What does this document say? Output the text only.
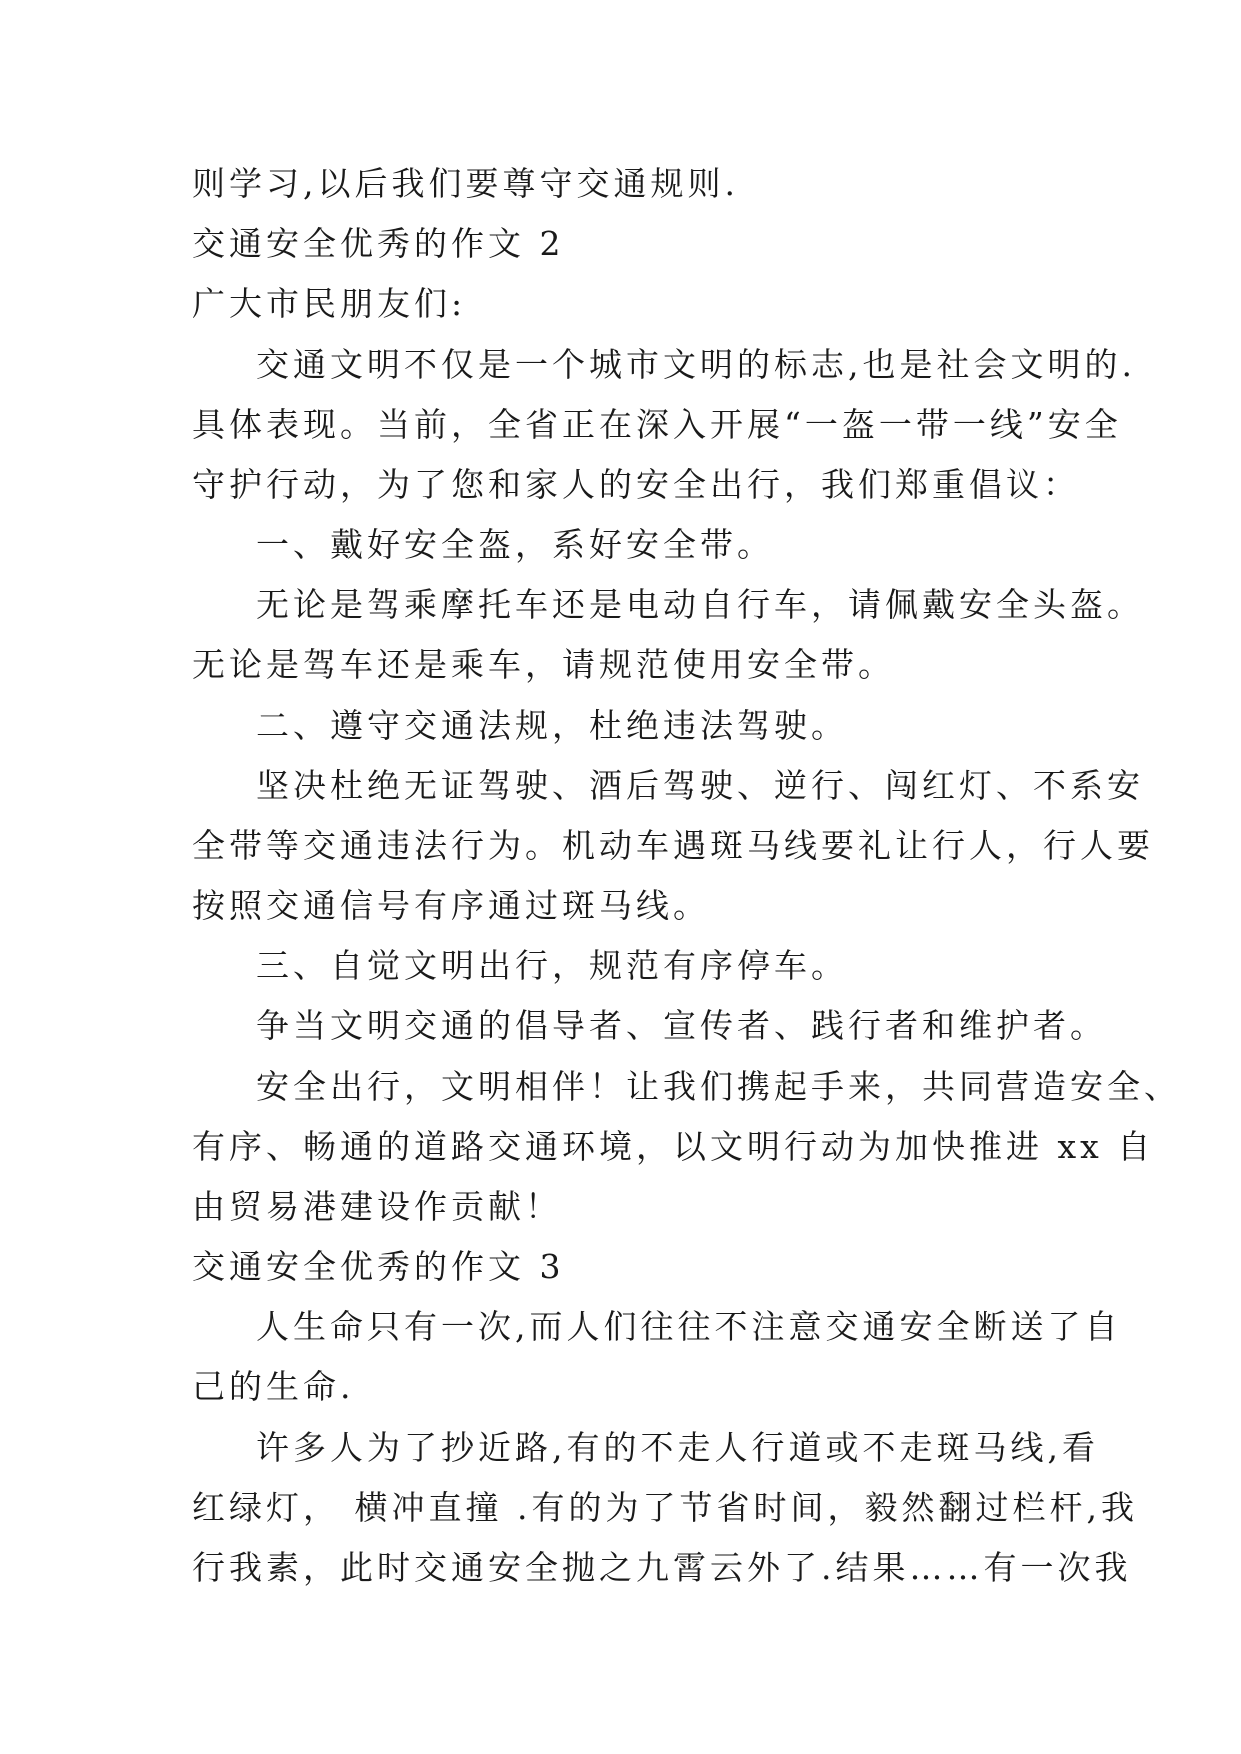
则学习,以后我们要尊守交通规则.
交通安全优秀的作文 2
广大市民朋友们:
交通文明不仅是一个城市文明的标志,也是社会文明的.
具体表现。当前，全省正在深入开展“一盔一带一线”安全
守护行动，为了您和家人的安全出行，我们郑重倡议：
一、戴好安全盔，系好安全带。
无论是驾乘摩托车还是电动自行车，请佩戴安全头盔。
无论是驾车还是乘车，请规范使用安全带。
二、遵守交通法规，杜绝违法驾驶。
坚决杜绝无证驾驶、酒后驾驶、逆行、闯红灯、不系安
全带等交通违法行为。机动车遇斑马线要礼让行人，行人要
按照交通信号有序通过斑马线。
三、自觉文明出行，规范有序停车。
争当文明交通的倡导者、宣传者、践行者和维护者。
安全出行，文明相伴！让我们携起手来，共同营造安全、
有序、畅通的道路交通环境，以文明行动为加快推进 xx 自
由贸易港建设作贡献！
交通安全优秀的作文 3
人生命只有一次,而人们往往不注意交通安全断送了自
己的生命.
许多人为了抄近路,有的不走人行道或不走斑马线,看
红绿灯， 横冲直撞 .有的为了节省时间，毅然翻过栏杆,我
行我素，此时交通安全抛之九霄云外了.结果……有一次我
